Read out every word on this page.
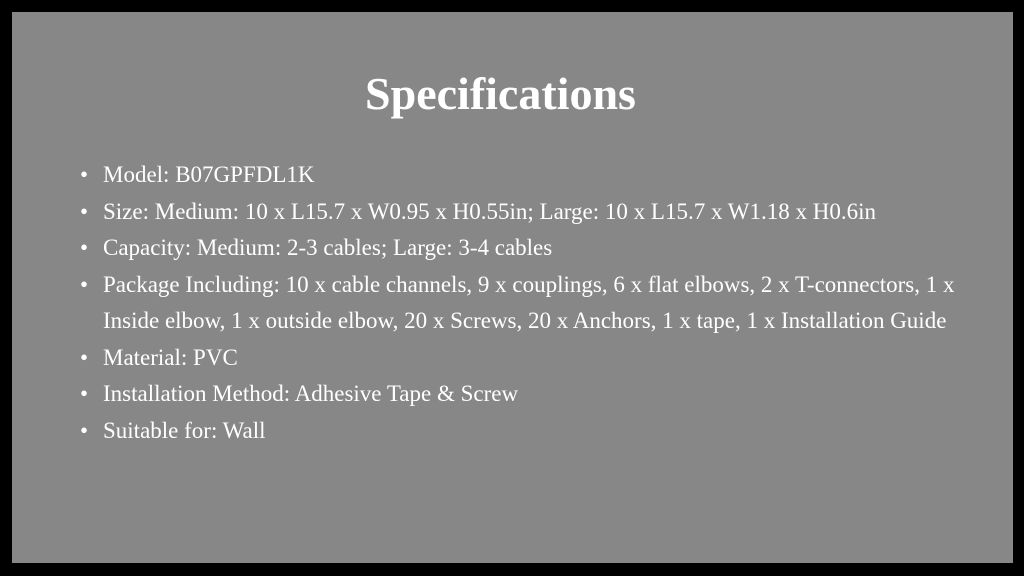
Specifications
• Model: B07GPFDL1K
• Size: Medium: 10 x L15.7 x W0.95 x H0.55in; Large: 10 x L15.7 x W1.18 x H0.6in
• Capacity: Medium: 2-3 cables; Large: 3-4 cables
• Package Including: 10 x cable channels, 9 x couplings, 6 x flat elbows, 2 x T-connectors, 1 x Inside elbow, 1 x outside elbow, 20 x Screws, 20 x Anchors, 1 x tape, 1 x Installation Guide
• Material: PVC
• Installation Method: Adhesive Tape & Screw
• Suitable for: Wall
